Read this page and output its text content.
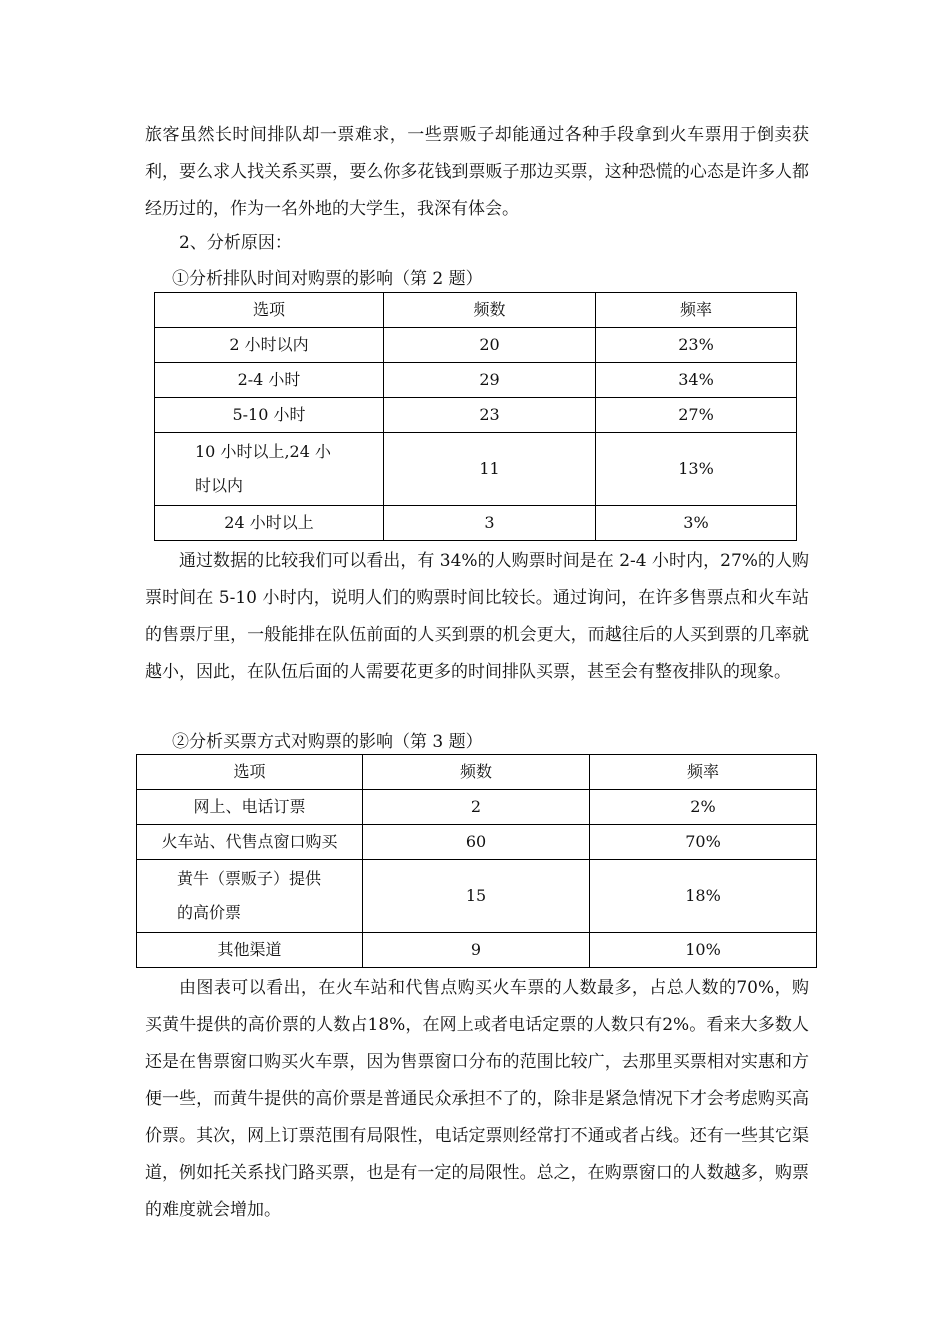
旅客虽然长时间排队却一票难求，一些票贩子却能通过各种手段拿到火车票用于倒卖获利，要么求人找关系买票，要么你多花钱到票贩子那边买票，这种恐慌的心态是许多人都经历过的，作为一名外地的大学生，我深有体会。

2、分析原因：

①分析排队时间对购票的影响（第 2 题）

选项	频数	频率
2 小时以内	20	23%
2-4 小时	29	34%
5-10 小时	23	27%
10 小时以上,24 小时以内	11	13%
24 小时以上	3	3%

通过数据的比较我们可以看出，有 34%的人购票时间是在 2-4 小时内，27%的人购票时间在 5-10 小时内，说明人们的购票时间比较长。通过询问，在许多售票点和火车站的售票厅里，一般能排在队伍前面的人买到票的机会更大，而越往后的人买到票的几率就越小，因此，在队伍后面的人需要花更多的时间排队买票，甚至会有整夜排队的现象。

②分析买票方式对购票的影响（第 3 题）

选项	频数	频率
网上、电话订票	2	2%
火车站、代售点窗口购买	60	70%
黄牛（票贩子）提供的高价票	15	18%
其他渠道	9	10%

由图表可以看出，在火车站和代售点购买火车票的人数最多，占总人数的70%，购买黄牛提供的高价票的人数占18%，在网上或者电话定票的人数只有2%。看来大多数人还是在售票窗口购买火车票，因为售票窗口分布的范围比较广，去那里买票相对实惠和方便一些，而黄牛提供的高价票是普通民众承担不了的，除非是紧急情况下才会考虑购买高价票。其次，网上订票范围有局限性，电话定票则经常打不通或者占线。还有一些其它渠道，例如托关系找门路买票，也是有一定的局限性。总之，在购票窗口的人数越多，购票的难度就会增加。
